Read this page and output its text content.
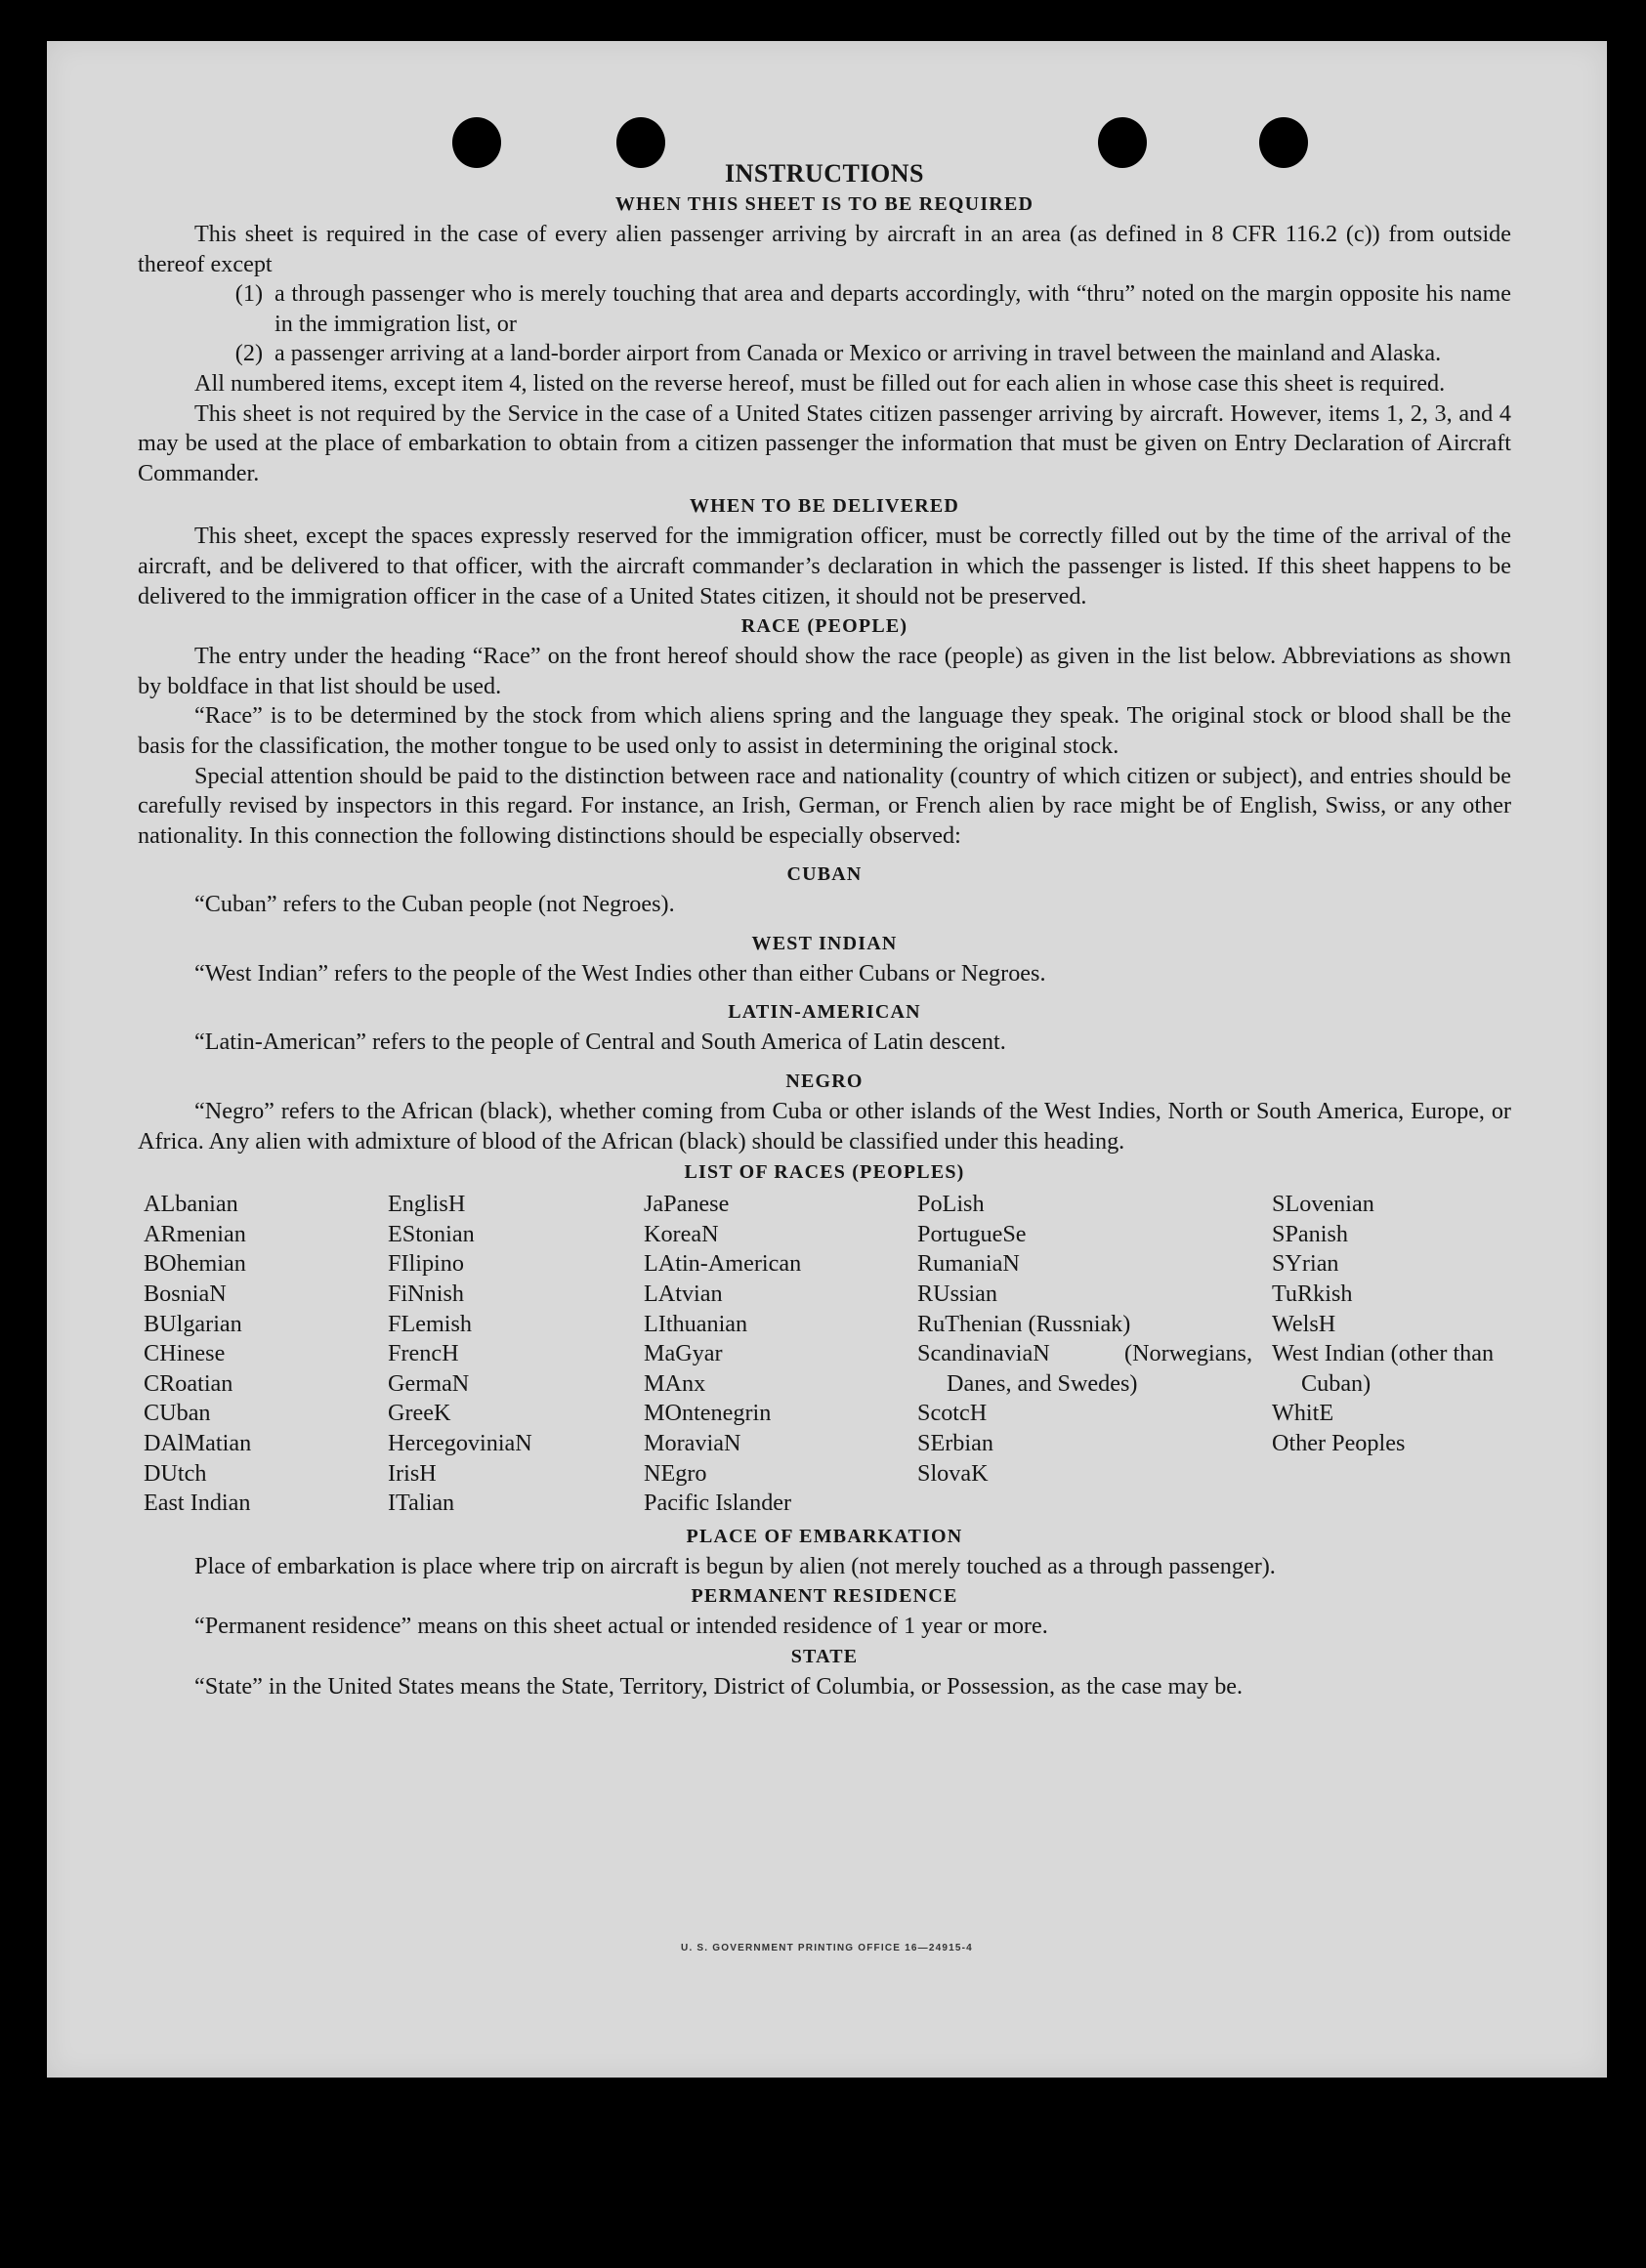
INSTRUCTIONS
WHEN THIS SHEET IS TO BE REQUIRED

This sheet is required in the case of every alien passenger arriving by aircraft in an area (as defined in 8 CFR 116.2 (c)) from outside thereof except

(1) a through passenger who is merely touching that area and departs accordingly, with “thru” noted on the margin opposite his name in the immigration list, or
(2) a passenger arriving at a land-border airport from Canada or Mexico or arriving in travel between the mainland and Alaska.

All numbered items, except item 4, listed on the reverse hereof, must be filled out for each alien in whose case this sheet is required.

This sheet is not required by the Service in the case of a United States citizen passenger arriving by aircraft. However, items 1, 2, 3, and 4 may be used at the place of embarkation to obtain from a citizen passenger the information that must be given on Entry Declaration of Aircraft Commander.

WHEN TO BE DELIVERED

This sheet, except the spaces expressly reserved for the immigration officer, must be correctly filled out by the time of the arrival of the aircraft, and be delivered to that officer, with the aircraft commander’s declaration in which the passenger is listed. If this sheet happens to be delivered to the immigration officer in the case of a United States citizen, it should not be preserved.

RACE (PEOPLE)

The entry under the heading “Race” on the front hereof should show the race (people) as given in the list below. Abbreviations as shown by boldface in that list should be used.

“Race” is to be determined by the stock from which aliens spring and the language they speak. The original stock or blood shall be the basis for the classification, the mother tongue to be used only to assist in determining the original stock.

Special attention should be paid to the distinction between race and nationality (country of which citizen or subject), and entries should be carefully revised by inspectors in this regard. For instance, an Irish, German, or French alien by race might be of English, Swiss, or any other nationality. In this connection the following distinctions should be especially observed:

CUBAN

“Cuban” refers to the Cuban people (not Negroes).

WEST INDIAN

“West Indian” refers to the people of the West Indies other than either Cubans or Negroes.

LATIN-AMERICAN

“Latin-American” refers to the people of Central and South America of Latin descent.

NEGRO

“Negro” refers to the African (black), whether coming from Cuba or other islands of the West Indies, North or South America, Europe, or Africa. Any alien with admixture of blood of the African (black) should be classified under this heading.

LIST OF RACES (PEOPLES)
ALbanian
ARmenian
BOhemian
BosniaN
BUlgarian
CHinese
CRoatian
CUban
DAlMatian
DUtch
East Indian
EnglisH
EStonian
FIlipino
FiNnish
FLemish
FrencH
GermaN
GreeK
HercegoviniaN
IrisH
ITalian
JaPanese
KoreaN
LAtin-American
LAtvian
LIthuanian
MaGyar
MAnx
MOntenegrin
MoraviaN
NEgro
Pacific Islander
PoLish
PortugueSe
RumaniaN
RUssian
RuThenian (Russniak)
ScandinaviaN (Norwegians, Danes, and Swedes)
ScotcH
SErbian
SlovaK
SLovenian
SPanish
SYrian
TuRkish
WelsH
West Indian (other than Cuban)
WhitE
Other Peoples
PLACE OF EMBARKATION

Place of embarkation is place where trip on aircraft is begun by alien (not merely touched as a through passenger).

PERMANENT RESIDENCE

“Permanent residence” means on this sheet actual or intended residence of 1 year or more.

STATE

“State” in the United States means the State, Territory, District of Columbia, or Possession, as the case may be.

U. S. GOVERNMENT PRINTING OFFICE 16—24915-4
